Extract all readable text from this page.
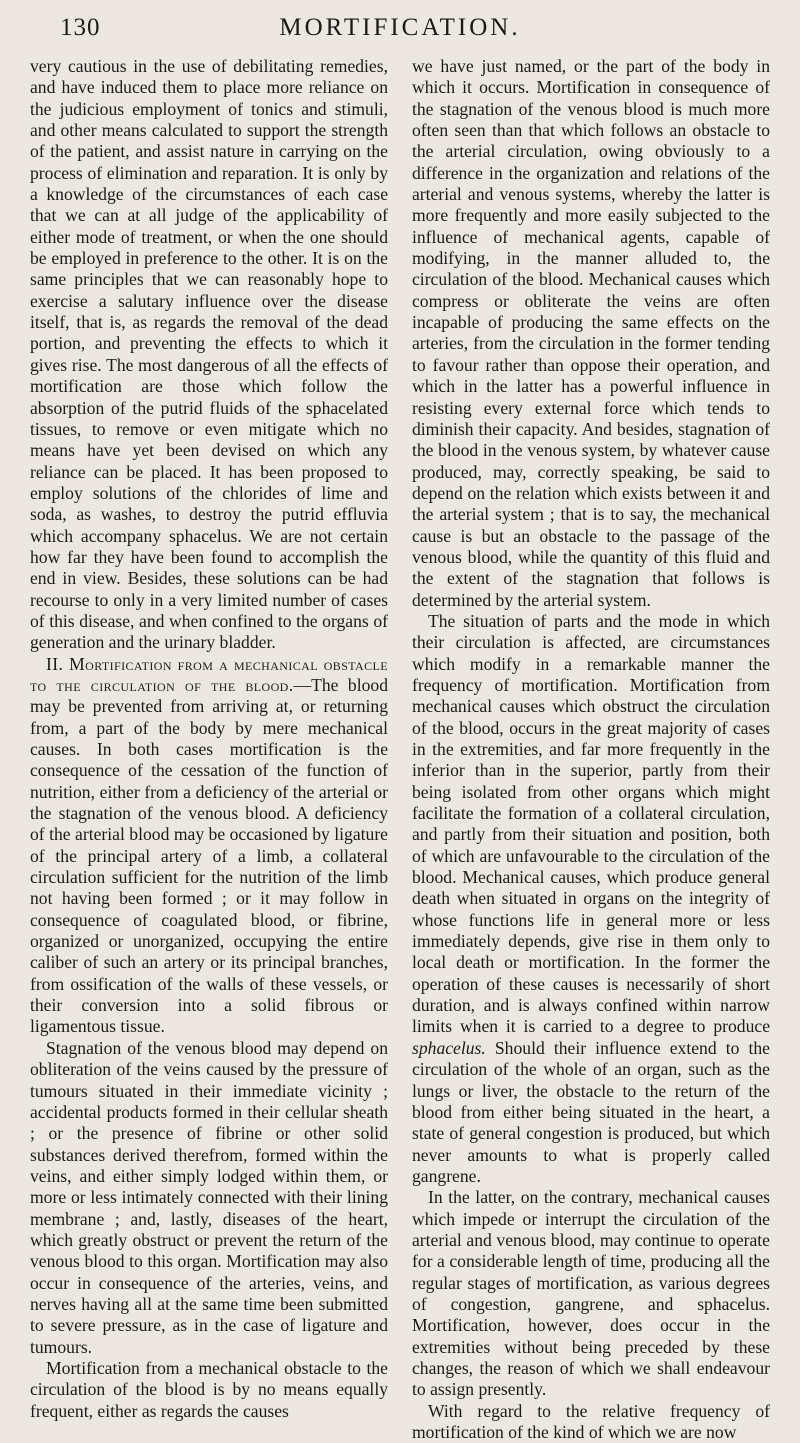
130	MORTIFICATION.

very cautious in the use of debilitating remedies, and have induced them to place more reliance on the judicious employment of tonics and stimuli, and other means calculated to support the strength of the patient, and assist nature in carrying on the process of elimination and reparation. It is only by a knowledge of the circumstances of each case that we can at all judge of the applicability of either mode of treatment, or when the one should be employed in preference to the other. It is on the same principles that we can reasonably hope to exercise a salutary influence over the disease itself, that is, as regards the removal of the dead portion, and preventing the effects to which it gives rise. The most dangerous of all the effects of mortification are those which follow the absorption of the putrid fluids of the sphacelated tissues, to remove or even mitigate which no means have yet been devised on which any reliance can be placed. It has been proposed to employ solutions of the chlorides of lime and soda, as washes, to destroy the putrid effluvia which accompany sphacelus. We are not certain how far they have been found to accomplish the end in view. Besides, these solutions can be had recourse to only in a very limited number of cases of this disease, and when confined to the organs of generation and the urinary bladder.

II. Mortification from a mechanical obstacle to the circulation of the blood.—The blood may be prevented from arriving at, or returning from, a part of the body by mere mechanical causes. In both cases mortification is the consequence of the cessation of the function of nutrition, either from a deficiency of the arterial or the stagnation of the venous blood. A deficiency of the arterial blood may be occasioned by ligature of the principal artery of a limb, a collateral circulation sufficient for the nutrition of the limb not having been formed ; or it may follow in consequence of coagulated blood, or fibrine, organized or unorganized, occupying the entire caliber of such an artery or its principal branches, from ossification of the walls of these vessels, or their conversion into a solid fibrous or ligamentous tissue.

Stagnation of the venous blood may depend on obliteration of the veins caused by the pressure of tumours situated in their immediate vicinity ; accidental products formed in their cellular sheath ; or the presence of fibrine or other solid substances derived therefrom, formed within the veins, and either simply lodged within them, or more or less intimately connected with their lining membrane ; and, lastly, diseases of the heart, which greatly obstruct or prevent the return of the venous blood to this organ. Mortification may also occur in consequence of the arteries, veins, and nerves having all at the same time been submitted to severe pressure, as in the case of ligature and tumours.

Mortification from a mechanical obstacle to the circulation of the blood is by no means equally frequent, either as regards the causes

we have just named, or the part of the body in which it occurs. Mortification in consequence of the stagnation of the venous blood is much more often seen than that which follows an obstacle to the arterial circulation, owing obviously to a difference in the organization and relations of the arterial and venous systems, whereby the latter is more frequently and more easily subjected to the influence of mechanical agents, capable of modifying, in the manner alluded to, the circulation of the blood. Mechanical causes which compress or obliterate the veins are often incapable of producing the same effects on the arteries, from the circulation in the former tending to favour rather than oppose their operation, and which in the latter has a powerful influence in resisting every external force which tends to diminish their capacity. And besides, stagnation of the blood in the venous system, by whatever cause produced, may, correctly speaking, be said to depend on the relation which exists between it and the arterial system ; that is to say, the mechanical cause is but an obstacle to the passage of the venous blood, while the quantity of this fluid and the extent of the stagnation that follows is determined by the arterial system.

The situation of parts and the mode in which their circulation is affected, are circumstances which modify in a remarkable manner the frequency of mortification. Mortification from mechanical causes which obstruct the circulation of the blood, occurs in the great majority of cases in the extremities, and far more frequently in the inferior than in the superior, partly from their being isolated from other organs which might facilitate the formation of a collateral circulation, and partly from their situation and position, both of which are unfavourable to the circulation of the blood. Mechanical causes, which produce general death when situated in organs on the integrity of whose functions life in general more or less immediately depends, give rise in them only to local death or mortification. In the former the operation of these causes is necessarily of short duration, and is always confined within narrow limits when it is carried to a degree to produce sphacelus. Should their influence extend to the circulation of the whole of an organ, such as the lungs or liver, the obstacle to the return of the blood from either being situated in the heart, a state of general congestion is produced, but which never amounts to what is properly called gangrene.

In the latter, on the contrary, mechanical causes which impede or interrupt the circulation of the arterial and venous blood, may continue to operate for a considerable length of time, producing all the regular stages of mortification, as various degrees of congestion, gangrene, and sphacelus. Mortification, however, does occur in the extremities without being preceded by these changes, the reason of which we shall endeavour to assign presently.

With regard to the relative frequency of mortification of the kind of which we are now
